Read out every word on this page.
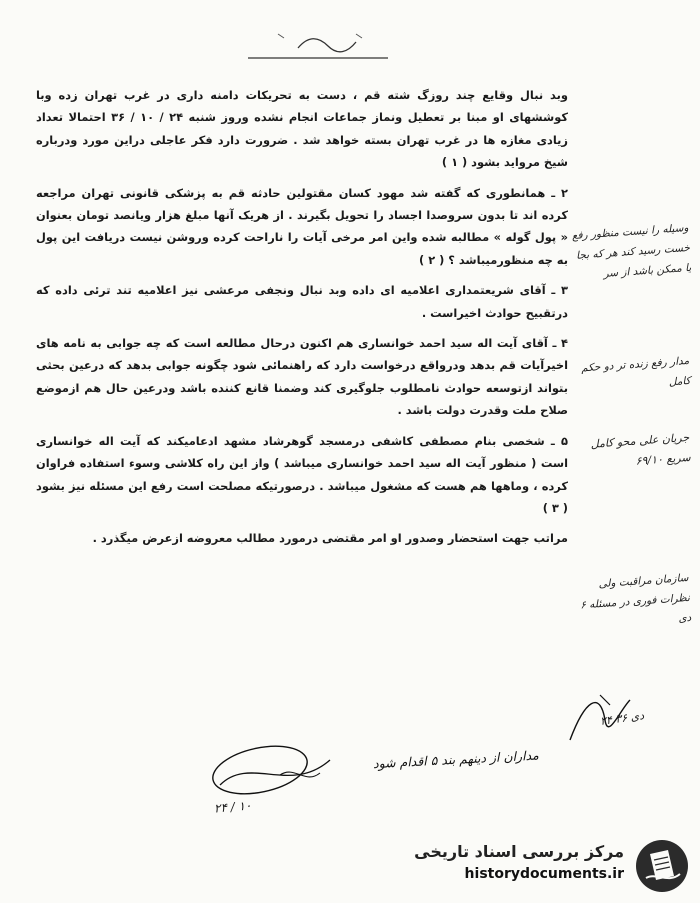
وبد نبال وقایع چند روزگ شته قم ، دست به تحریکات دامنه داری در غرب تهران زده وبا کوششهای او مبنا بر تعطیل ونماز جماعات انجام نشده وروز شنبه ۲۴ / ۱۰ / ۳۶ احتمالا تعداد زیادی مغازه ها در غرب تهران بسته خواهد شد . ضرورت دارد فکر عاجلی دراین مورد ودرباره شیخ مرواید بشود ( ۱ )

۲ ـ همانطوری که گفته شد مهود کسان مقتولین حادثه قم به پزشکی قانونی تهران مراجعه کرده اند تا بدون سروصدا اجساد را تحویل بگیرند . از هریک آنها مبلغ هزار ویانصد تومان بعنوان « پول گوله » مطالبه شده واین امر مرخی آیات را ناراحت کرده وروشن نیست دریافت این پول به چه منظورمیباشد ؟ ( ۲ )

۳ ـ آقای شریعتمداری اعلامیه ای داده وبد نبال ونجفی مرعشی نیز اعلامیه تند ترئی داده که درتقبیح حوادث اخیراست .

۴ ـ آقای آیت اله سید احمد خوانساری هم اکنون درحال مطالعه است که چه جوابی به نامه های اخیرآیات قم بدهد ودرواقع درخواست دارد که راهنمائی شود چگونه جوابی بدهد که درعین بحثی بتواند ازتوسعه حوادث نامطلوب جلوگیری کند وضمنا قانع کننده باشد ودرعین حال هم ازموضع صلاح ملت وقدرت دولت باشد .

۵ ـ شخصی بنام مصطفی کاشفی درمسجد گوهرشاد مشهد ادعامیکند که آیت اله خوانساری است ( منظور آیت اله سید احمد خوانساری میباشد ) واز این راه کلاشی وسوء استفاده فراوان کرده ، وماهها هم هست که مشغول میباشد . درصورتیکه مصلحت است رفع این مسئله نیز بشود ( ۳ )

مراتب جهت استحضار وصدور او امر مقتضی درمورد مطالب معروضه ازعرض میگذرد .

وسیله را نیست منظور رفع خست رسید کند هر که بجا یا ممکن باشد از سر
مدار رفع زنده تر دو حکم کامل
جریان علی محو کامل سریع ۶۹/۱۰
سازمان مراقبت ولی نظرات فوری در مسئله ۶ دی
مداران از دینهم بند ۵ اقدام شود
۲۴ / ۱۰
۲۴ دی ۳۶
مرکز بررسی اسناد تاریخی
historydocuments.ir
